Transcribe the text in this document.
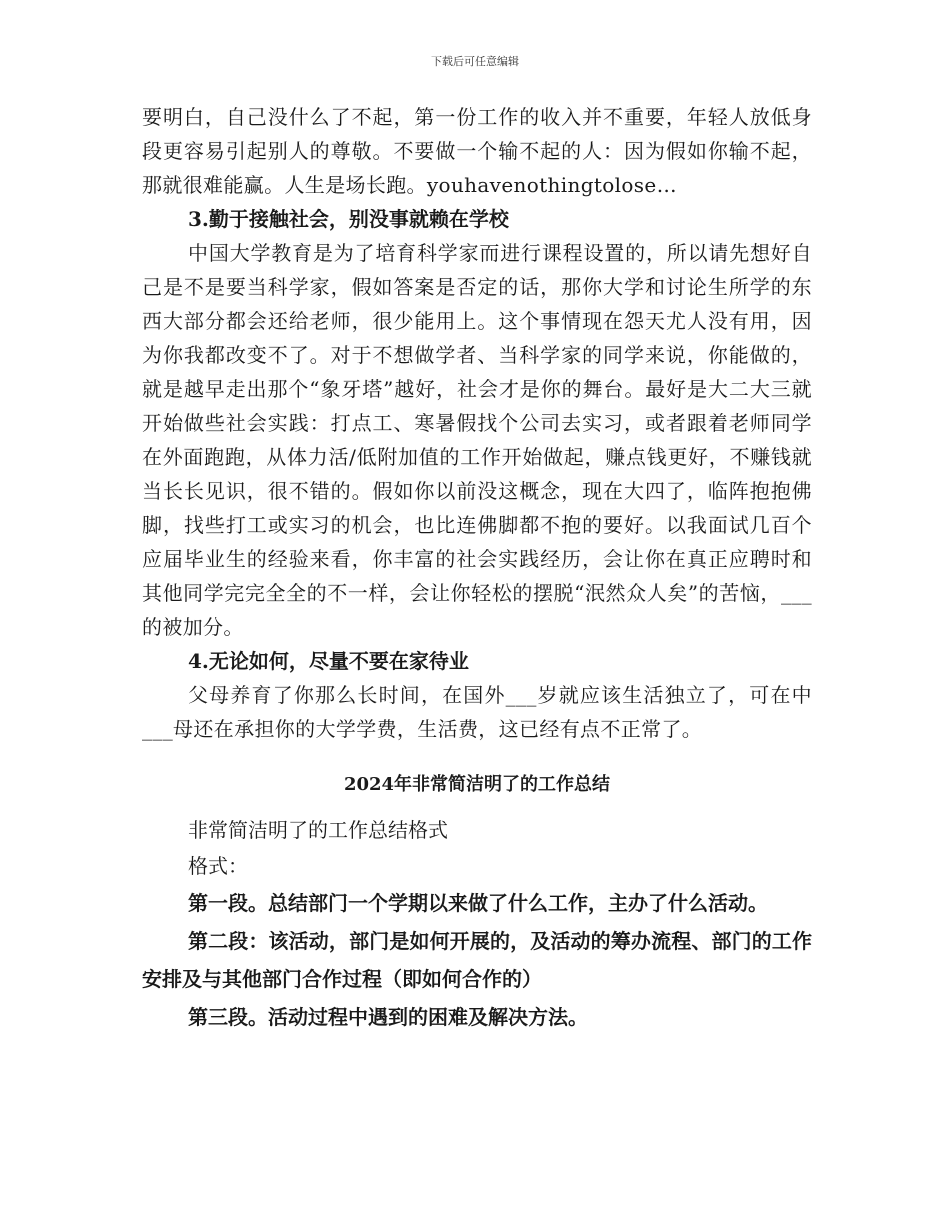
下载后可任意编辑

要明白，自己没什么了不起，第一份工作的收入并不重要，年轻人放低身段更容易引起别人的尊敬。不要做一个输不起的人：因为假如你输不起，那就很难能赢。人生是场长跑。youhavenothingtolose…

3.勤于接触社会，别没事就赖在学校

中国大学教育是为了培育科学家而进行课程设置的，所以请先想好自己是不是要当科学家，假如答案是否定的话，那你大学和讨论生所学的东西大部分都会还给老师，很少能用上。这个事情现在怨天尤人没有用，因为你我都改变不了。对于不想做学者、当科学家的同学来说，你能做的，就是越早走出那个“象牙塔”越好，社会才是你的舞台。最好是大二大三就开始做些社会实践：打点工、寒暑假找个公司去实习，或者跟着老师同学在外面跑跑，从体力活/低附加值的工作开始做起，赚点钱更好，不赚钱就当长长见识，很不错的。假如你以前没这概念，现在大四了，临阵抱抱佛脚，找些打工或实习的机会，也比连佛脚都不抱的要好。以我面试几百个应届毕业生的经验来看，你丰富的社会实践经历，会让你在真正应聘时和其他同学完完全全的不一样，会让你轻松的摆脱“泯然众人矣”的苦恼，___的被加分。

4.无论如何，尽量不要在家待业

父母养育了你那么长时间，在国外___岁就应该生活独立了，可在中___母还在承担你的大学学费，生活费，这已经有点不正常了。

2024年非常简洁明了的工作总结

非常简洁明了的工作总结格式

格式：

第一段。总结部门一个学期以来做了什么工作，主办了什么活动。

第二段：该活动，部门是如何开展的，及活动的筹办流程、部门的工作安排及与其他部门合作过程（即如何合作的）

第三段。活动过程中遇到的困难及解决方法。
